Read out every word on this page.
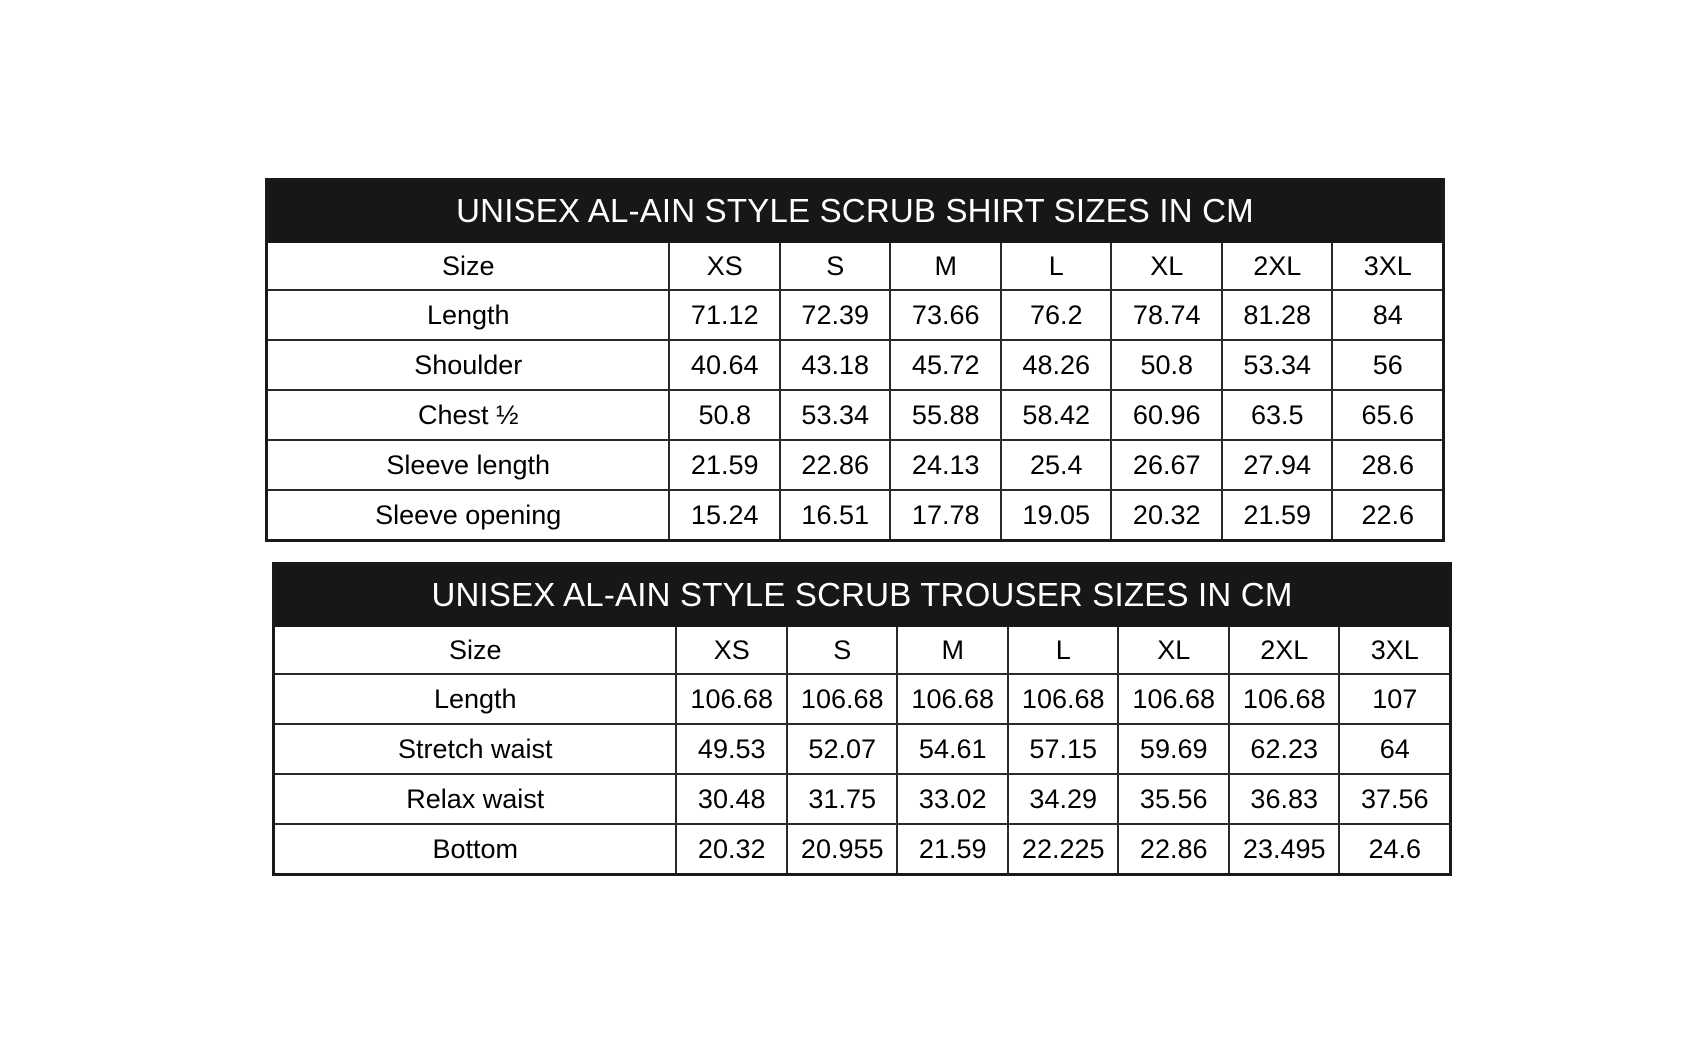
UNISEX AL-AIN STYLE SCRUB SHIRT SIZES IN CM
Size	XS	S	M	L	XL	2XL	3XL
Length	71.12	72.39	73.66	76.2	78.74	81.28	84
Shoulder	40.64	43.18	45.72	48.26	50.8	53.34	56
Chest ½	50.8	53.34	55.88	58.42	60.96	63.5	65.6
Sleeve length	21.59	22.86	24.13	25.4	26.67	27.94	28.6
Sleeve opening	15.24	16.51	17.78	19.05	20.32	21.59	22.6
UNISEX AL-AIN STYLE SCRUB TROUSER SIZES IN CM
Size	XS	S	M	L	XL	2XL	3XL
Length	106.68	106.68	106.68	106.68	106.68	106.68	107
Stretch waist	49.53	52.07	54.61	57.15	59.69	62.23	64
Relax waist	30.48	31.75	33.02	34.29	35.56	36.83	37.56
Bottom	20.32	20.955	21.59	22.225	22.86	23.495	24.6
